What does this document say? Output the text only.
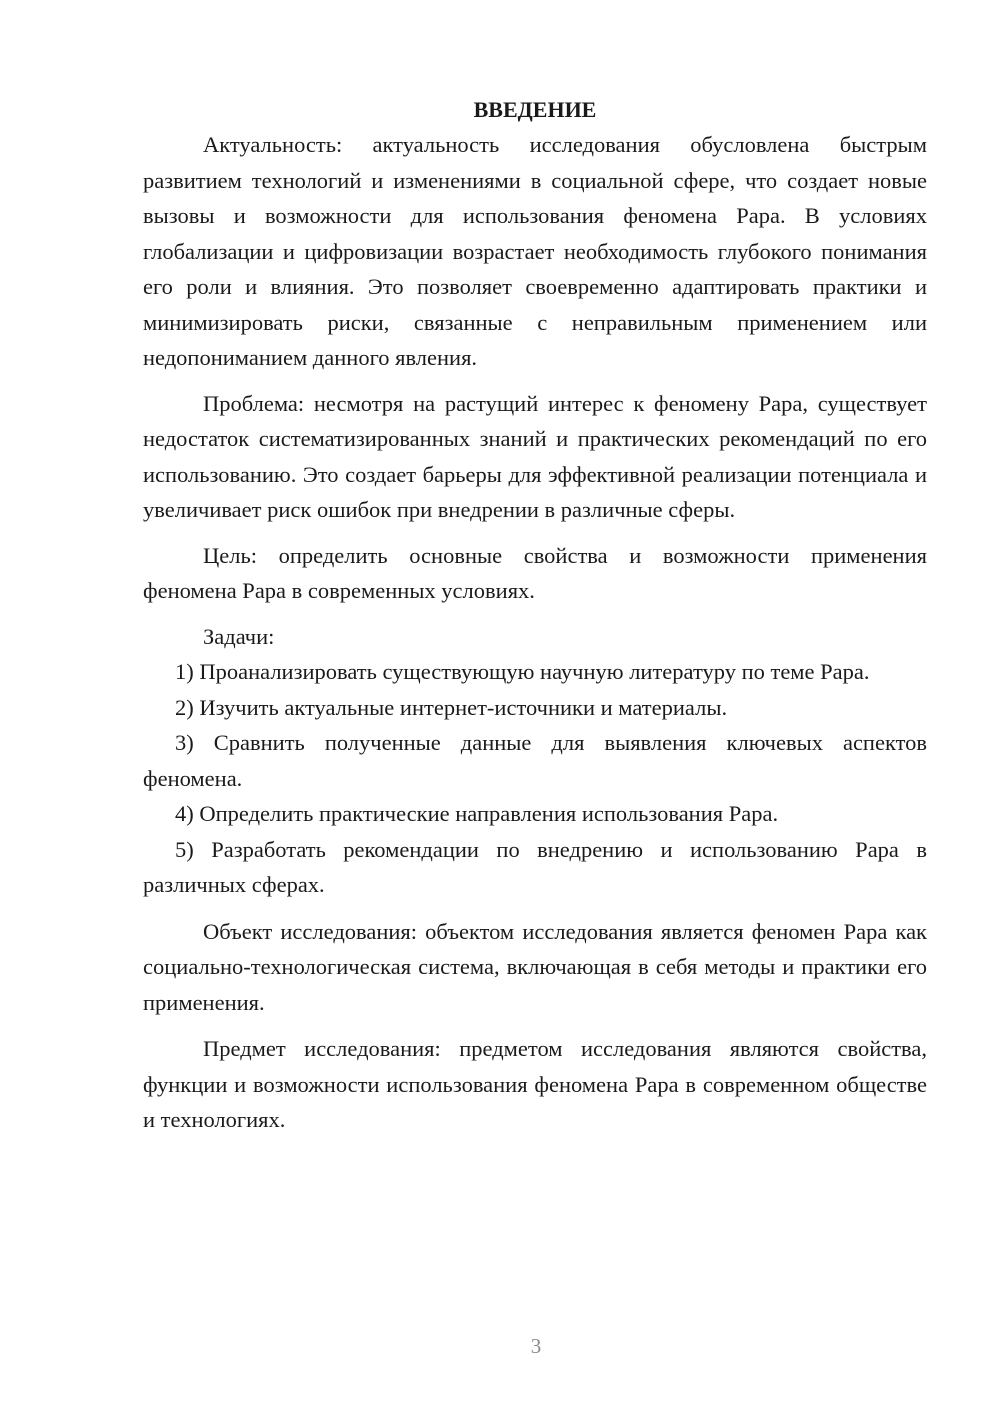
ВВЕДЕНИЕ

Актуальность: актуальность исследования обусловлена быстрым развитием технологий и изменениями в социальной сфере, что создает новые вызовы и возможности для использования феномена Рара. В условиях глобализации и цифровизации возрастает необходимость глубокого понимания его роли и влияния. Это позволяет своевременно адаптировать практики и минимизировать риски, связанные с неправильным применением или недопониманием данного явления.

Проблема: несмотря на растущий интерес к феномену Рара, существует недостаток систематизированных знаний и практических рекомендаций по его использованию. Это создает барьеры для эффективной реализации потенциала и увеличивает риск ошибок при внедрении в различные сферы.

Цель: определить основные свойства и возможности применения феномена Рара в современных условиях.

Задачи:

1) Проанализировать существующую научную литературу по теме Рара.

2) Изучить актуальные интернет-источники и материалы.

3) Сравнить полученные данные для выявления ключевых аспектов феномена.

4) Определить практические направления использования Рара.

5) Разработать рекомендации по внедрению и использованию Рара в различных сферах.

Объект исследования: объектом исследования является феномен Рара как социально-технологическая система, включающая в себя методы и практики его применения.

Предмет исследования: предметом исследования являются свойства, функции и возможности использования феномена Рара в современном обществе и технологиях.

3
